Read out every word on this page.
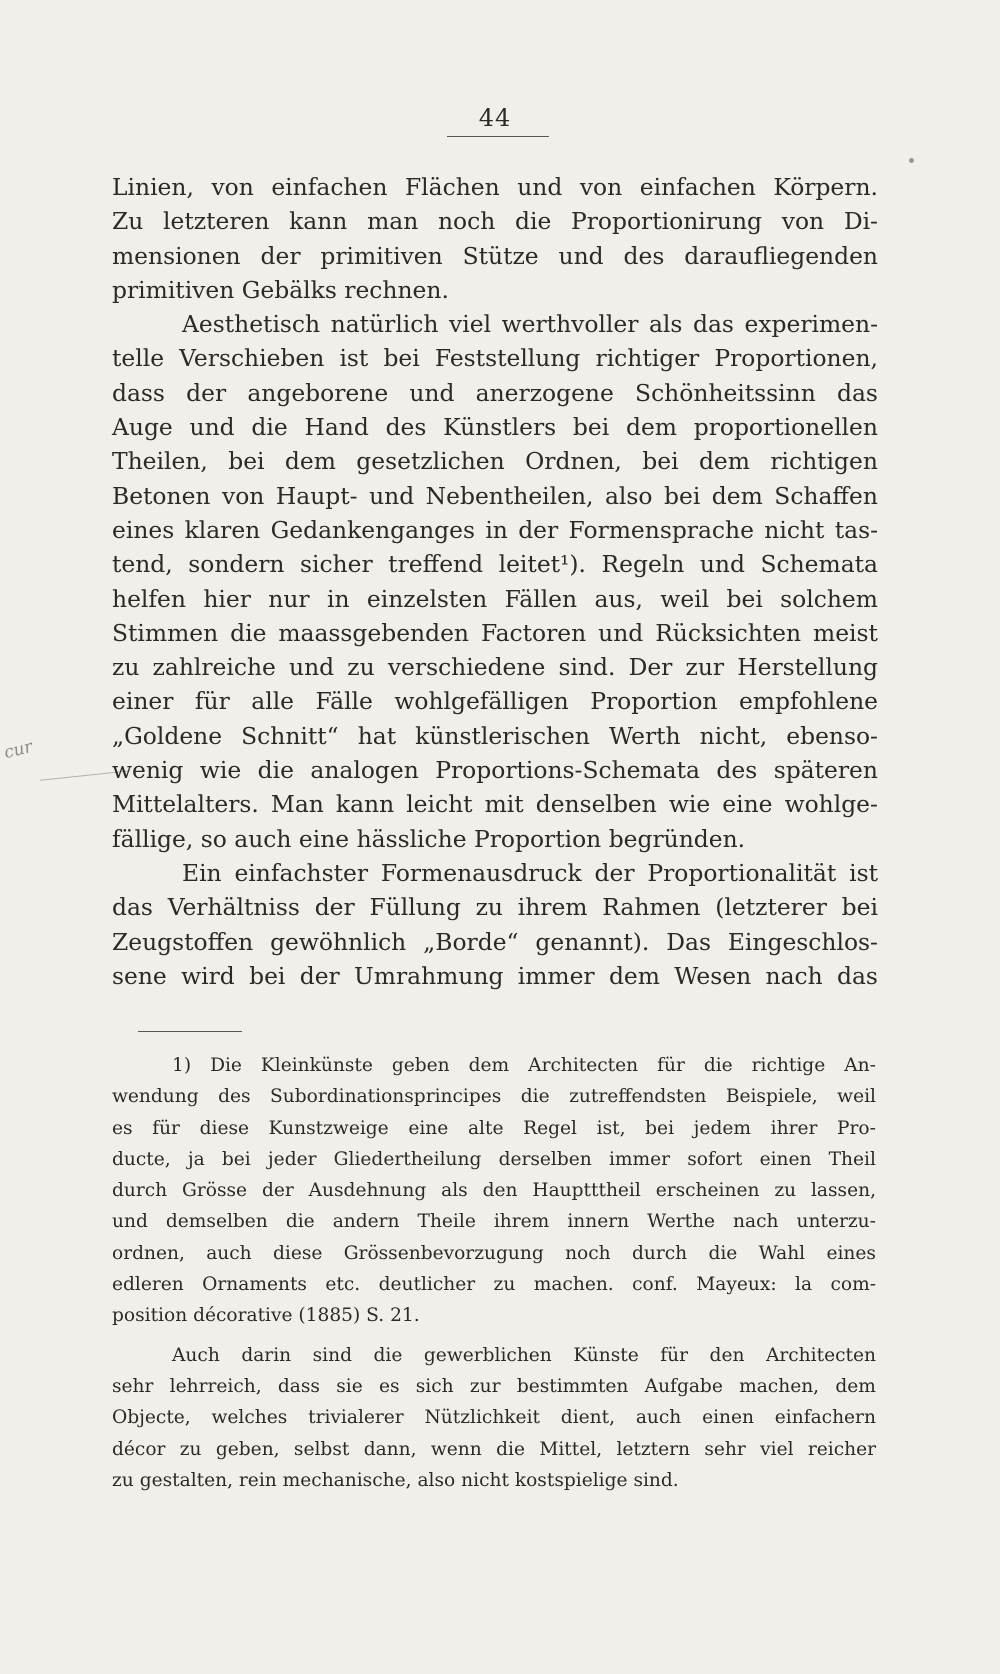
44
cur
Linien, von einfachen Flächen und von einfachen Körpern.
Zu letzteren kann man noch die Proportionirung von Di-
mensionen der primitiven Stütze und des daraufliegenden
primitiven Gebälks rechnen.
Aesthetisch natürlich viel werthvoller als das experimen-
telle Verschieben ist bei Feststellung richtiger Proportionen,
dass der angeborene und anerzogene Schönheitssinn das
Auge und die Hand des Künstlers bei dem proportionellen
Theilen, bei dem gesetzlichen Ordnen, bei dem richtigen
Betonen von Haupt- und Nebentheilen, also bei dem Schaffen
eines klaren Gedankenganges in der Formensprache nicht tas-
tend, sondern sicher treffend leitet¹). Regeln und Schemata
helfen hier nur in einzelsten Fällen aus, weil bei solchem
Stimmen die maassgebenden Factoren und Rücksichten meist
zu zahlreiche und zu verschiedene sind. Der zur Herstellung
einer für alle Fälle wohlgefälligen Proportion empfohlene
„Goldene Schnitt“ hat künstlerischen Werth nicht, ebenso-
wenig wie die analogen Proportions-Schemata des späteren
Mittelalters. Man kann leicht mit denselben wie eine wohlge-
fällige, so auch eine hässliche Proportion begründen.
Ein einfachster Formenausdruck der Proportionalität ist
das Verhältniss der Füllung zu ihrem Rahmen (letzterer bei
Zeugstoffen gewöhnlich „Borde“ genannt). Das Eingeschlos-
sene wird bei der Umrahmung immer dem Wesen nach das
1) Die Kleinkünste geben dem Architecten für die richtige An-
wendung des Subordinationsprincipes die zutreffendsten Beispiele, weil
es für diese Kunstzweige eine alte Regel ist, bei jedem ihrer Pro-
ducte, ja bei jeder Gliedertheilung derselben immer sofort einen Theil
durch Grösse der Ausdehnung als den Hauptttheil erscheinen zu lassen,
und demselben die andern Theile ihrem innern Werthe nach unterzu-
ordnen, auch diese Grössenbevorzugung noch durch die Wahl eines
edleren Ornaments etc. deutlicher zu machen. conf. Mayeux: la com-
position décorative (1885) S. 21.
Auch darin sind die gewerblichen Künste für den Architecten
sehr lehrreich, dass sie es sich zur bestimmten Aufgabe machen, dem
Objecte, welches trivialerer Nützlichkeit dient, auch einen einfachern
décor zu geben, selbst dann, wenn die Mittel, letztern sehr viel reicher
zu gestalten, rein mechanische, also nicht kostspielige sind.
